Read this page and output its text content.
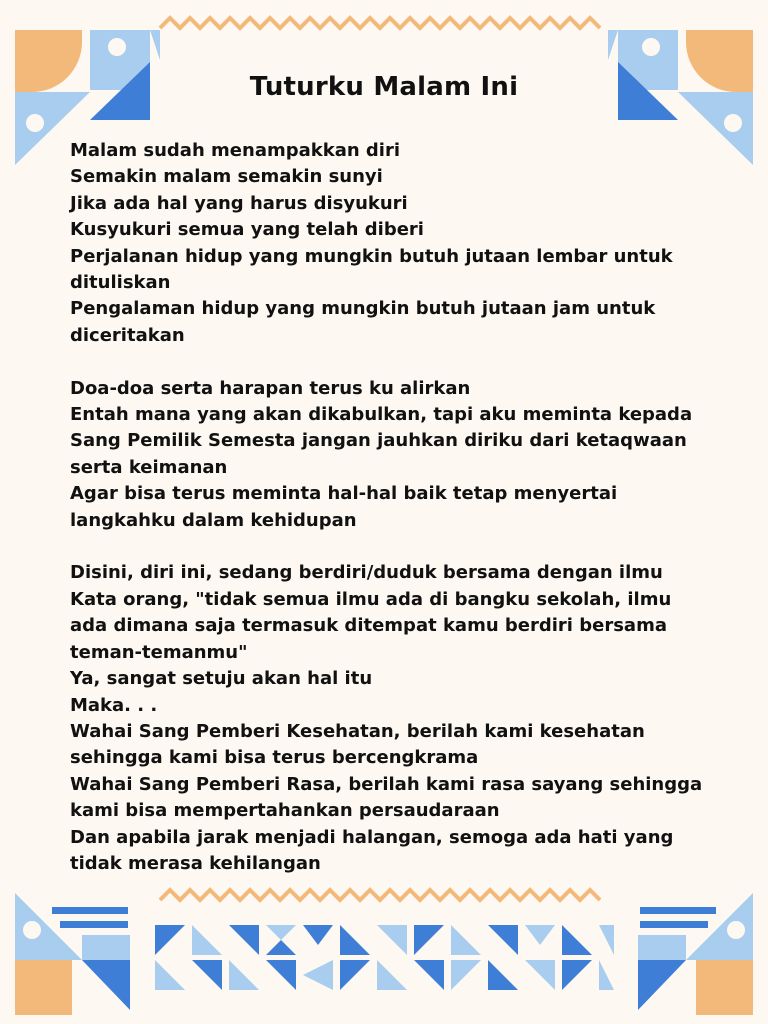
Tuturku Malam Ini
Malam sudah menampakkan diri
Semakin malam semakin sunyi
Jika ada hal yang harus disyukuri
Kusyukuri semua yang telah diberi
Perjalanan hidup yang mungkin butuh jutaan lembar untuk dituliskan
Pengalaman hidup yang mungkin butuh jutaan jam untuk diceritakan
Doa-doa serta harapan terus ku alirkan
Entah mana yang akan dikabulkan, tapi aku meminta kepada Sang Pemilik Semesta jangan jauhkan diriku dari ketaqwaan serta keimanan
Agar bisa terus meminta hal-hal baik tetap menyertai langkahku dalam kehidupan
Disini, diri ini, sedang berdiri/duduk bersama dengan ilmu
Kata orang, "tidak semua ilmu ada di bangku sekolah, ilmu ada dimana saja termasuk ditempat kamu berdiri bersama teman-temanmu"
Ya, sangat setuju akan hal itu
Maka. . .
Wahai Sang Pemberi Kesehatan, berilah kami kesehatan sehingga kami bisa terus bercengkrama
Wahai Sang Pemberi Rasa, berilah kami rasa sayang sehingga kami bisa mempertahankan persaudaraan
Dan apabila jarak menjadi halangan, semoga ada hati yang tidak merasa kehilangan
